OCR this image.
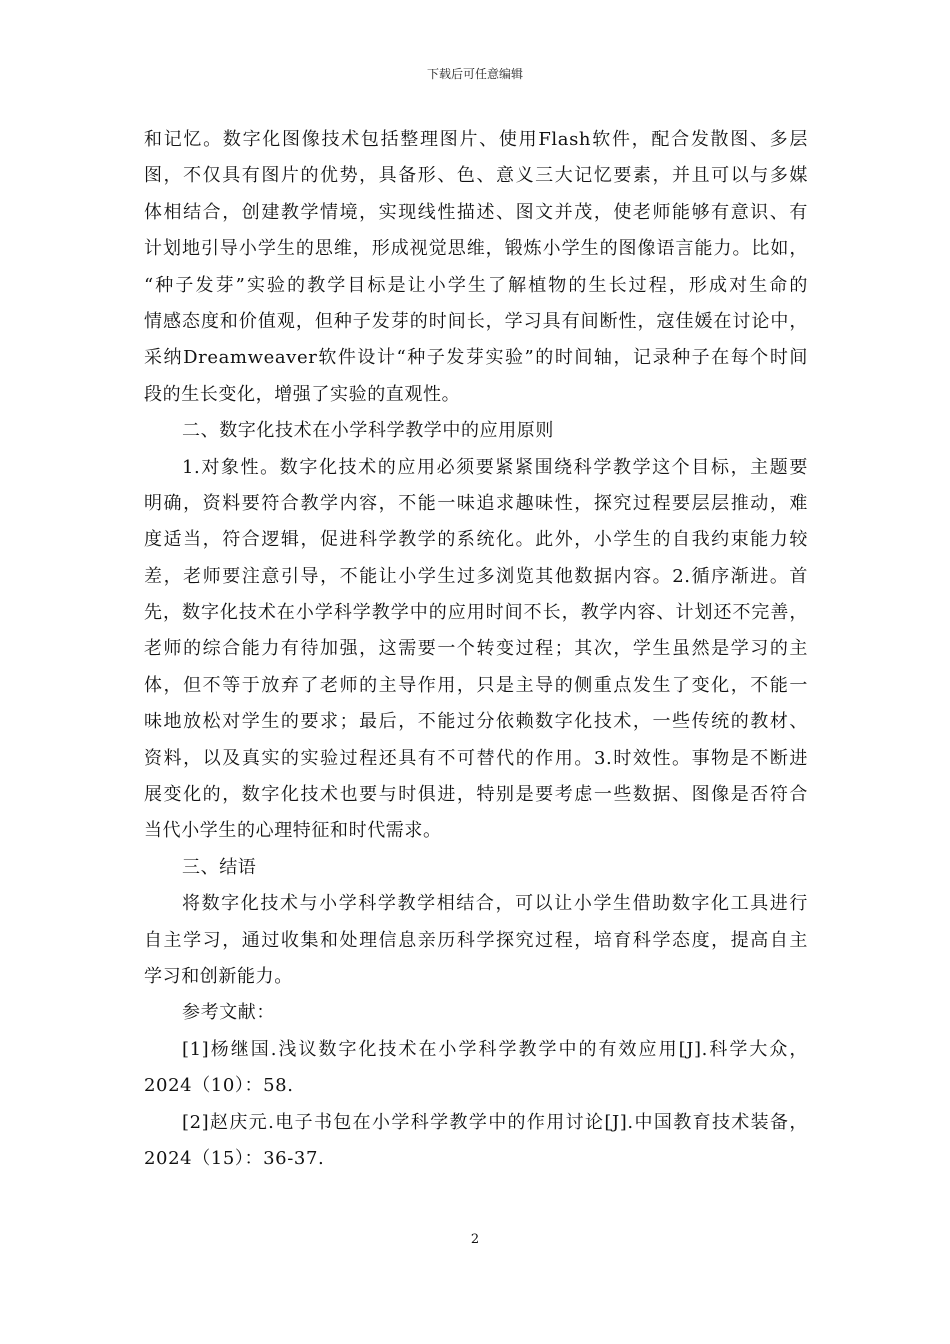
下载后可任意编辑
和记忆。数字化图像技术包括整理图片、使用Flash软件，配合发散图、多层
图，不仅具有图片的优势，具备形、色、意义三大记忆要素，并且可以与多媒
体相结合，创建教学情境，实现线性描述、图文并茂，使老师能够有意识、有
计划地引导小学生的思维，形成视觉思维，锻炼小学生的图像语言能力。比如，
“种子发芽”实验的教学目标是让小学生了解植物的生长过程，形成对生命的
情感态度和价值观，但种子发芽的时间长，学习具有间断性，寇佳媛在讨论中，
采纳Dreamweaver软件设计“种子发芽实验”的时间轴，记录种子在每个时间
段的生长变化，增强了实验的直观性。
二、数字化技术在小学科学教学中的应用原则
1.对象性。数字化技术的应用必须要紧紧围绕科学教学这个目标，主题要
明确，资料要符合教学内容，不能一味追求趣味性，探究过程要层层推动，难
度适当，符合逻辑，促进科学教学的系统化。此外，小学生的自我约束能力较
差，老师要注意引导，不能让小学生过多浏览其他数据内容。2.循序渐进。首
先，数字化技术在小学科学教学中的应用时间不长，教学内容、计划还不完善，
老师的综合能力有待加强，这需要一个转变过程；其次，学生虽然是学习的主
体，但不等于放弃了老师的主导作用，只是主导的侧重点发生了变化，不能一
味地放松对学生的要求；最后，不能过分依赖数字化技术，一些传统的教材、
资料，以及真实的实验过程还具有不可替代的作用。3.时效性。事物是不断进
展变化的，数字化技术也要与时俱进，特别是要考虑一些数据、图像是否符合
当代小学生的心理特征和时代需求。
三、结语
将数字化技术与小学科学教学相结合，可以让小学生借助数字化工具进行
自主学习，通过收集和处理信息亲历科学探究过程，培育科学态度，提高自主
学习和创新能力。
参考文献：
[1]杨继国.浅议数字化技术在小学科学教学中的有效应用[J].科学大众，
2024（10）：58.
[2]赵庆元.电子书包在小学科学教学中的作用讨论[J].中国教育技术装备，
2024（15）：36-37.
2
